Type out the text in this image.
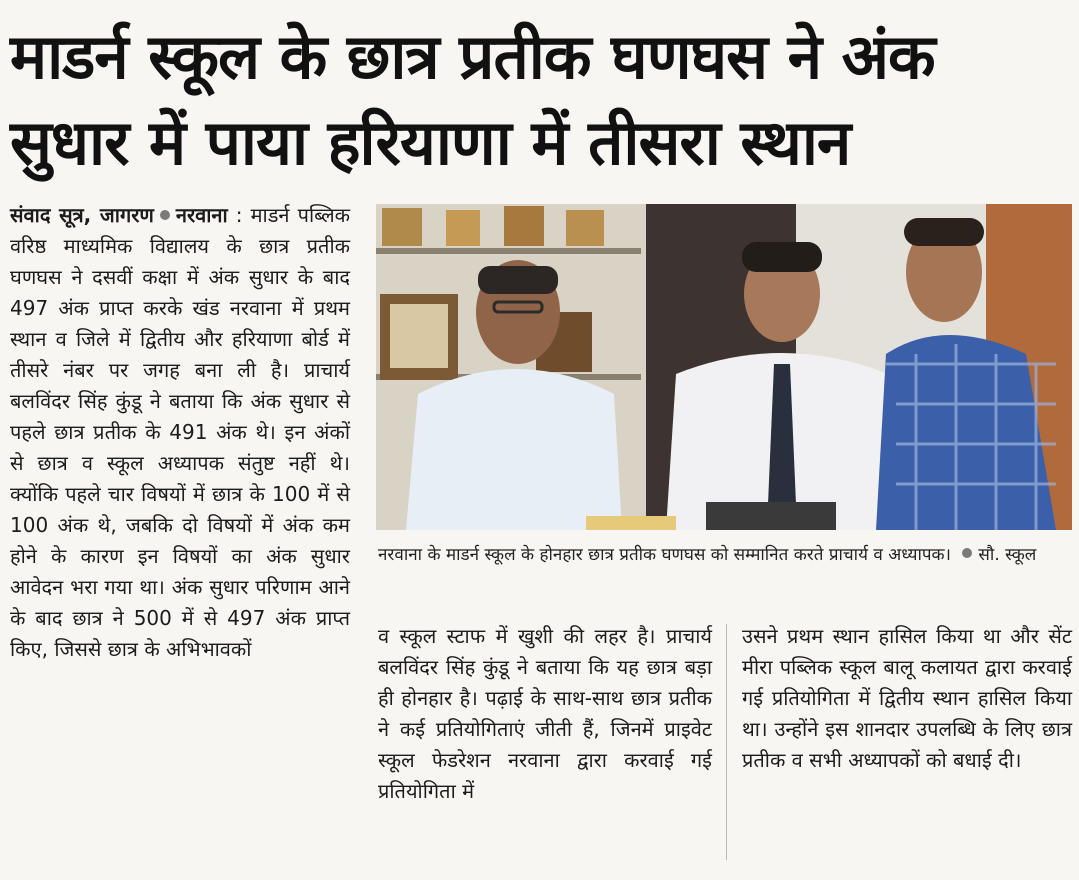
माडर्न स्कूल के छात्र प्रतीक घणघस ने अंक सुधार में पाया हरियाणा में तीसरा स्थान

संवाद सूत्र, जागरण नरवाना : माडर्न पब्लिक वरिष्ठ माध्यमिक विद्यालय के छात्र प्रतीक घणघस ने दसवीं कक्षा में अंक सुधार के बाद 497 अंक प्राप्त करके खंड नरवाना में प्रथम स्थान व जिले में द्वितीय और हरियाणा बोर्ड में तीसरे नंबर पर जगह बना ली है। प्राचार्य बलविंदर सिंह कुंडू ने बताया कि अंक सुधार से पहले छात्र प्रतीक के 491 अंक थे। इन अंकों से छात्र व स्कूल अध्यापक संतुष्ट नहीं थे। क्योंकि पहले चार विषयों में छात्र के 100 में से 100 अंक थे, जबकि दो विषयों में अंक कम होने के कारण इन विषयों का अंक सुधार आवेदन भरा गया था। अंक सुधार परिणाम आने के बाद छात्र ने 500 में से 497 अंक प्राप्त किए, जिससे छात्र के अभिभावकों

नरवाना के माडर्न स्कूल के होनहार छात्र प्रतीक घणघस को सम्मानित करते प्राचार्य व अध्यापक। सौ. स्कूल

व स्कूल स्टाफ में खुशी की लहर है। प्राचार्य बलविंदर सिंह कुंडू ने बताया कि यह छात्र बड़ा ही होनहार है। पढ़ाई के साथ-साथ छात्र प्रतीक ने कई प्रतियोगिताएं जीती हैं, जिनमें प्राइवेट स्कूल फेडरेशन नरवाना द्वारा करवाई गई प्रतियोगिता में

उसने प्रथम स्थान हासिल किया था और सेंट मीरा पब्लिक स्कूल बालू कलायत द्वारा करवाई गई प्रतियोगिता में द्वितीय स्थान हासिल किया था। उन्होंने इस शानदार उपलब्धि के लिए छात्र प्रतीक व सभी अध्यापकों को बधाई दी।
